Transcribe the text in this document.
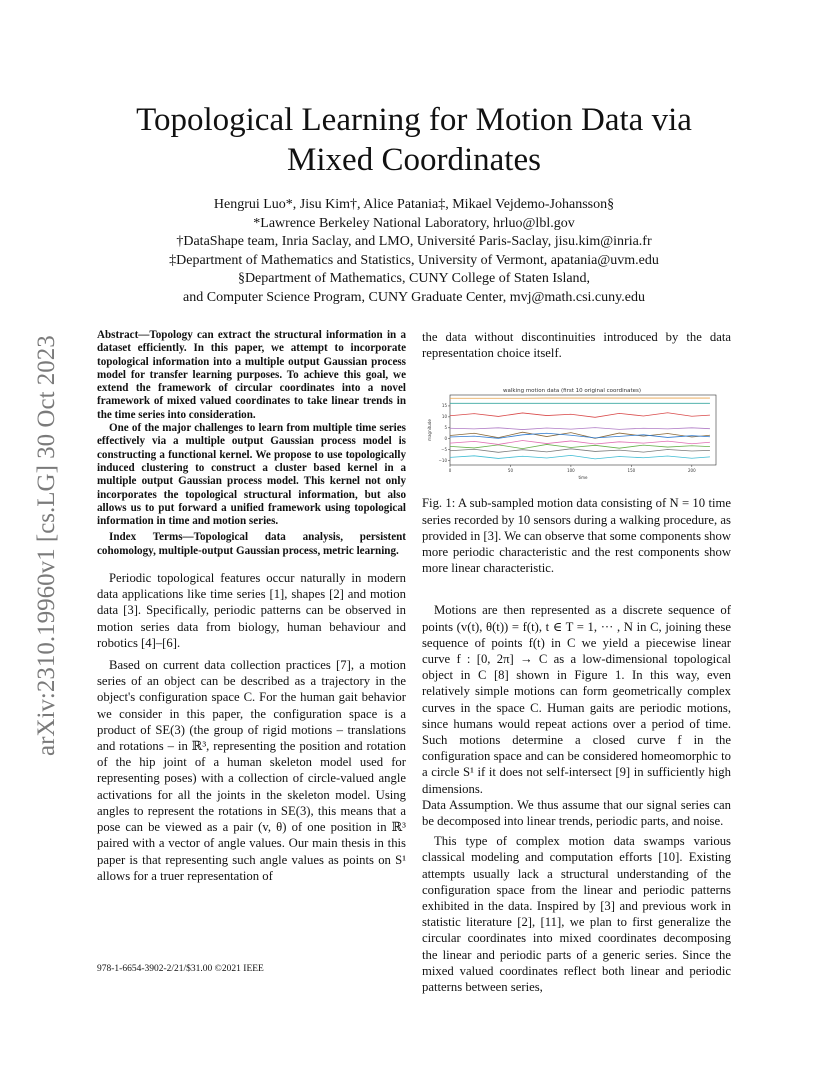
arXiv:2310.19960v1 [cs.LG] 30 Oct 2023
Topological Learning for Motion Data via
Mixed Coordinates
Hengrui Luo*, Jisu Kim†, Alice Patania‡, Mikael Vejdemo-Johansson§
*Lawrence Berkeley National Laboratory, hrluo@lbl.gov
†DataShape team, Inria Saclay, and LMO, Université Paris-Saclay, jisu.kim@inria.fr
‡Department of Mathematics and Statistics, University of Vermont, apatania@uvm.edu
§Department of Mathematics, CUNY College of Staten Island,
and Computer Science Program, CUNY Graduate Center, mvj@math.csi.cuny.edu

Abstract—Topology can extract the structural information in a dataset efficiently. In this paper, we attempt to incorporate topological information into a multiple output Gaussian process model for transfer learning purposes. To achieve this goal, we extend the framework of circular coordinates into a novel framework of mixed valued coordinates to take linear trends in the time series into consideration.

One of the major challenges to learn from multiple time series effectively via a multiple output Gaussian process model is constructing a functional kernel. We propose to use topologically induced clustering to construct a cluster based kernel in a multiple output Gaussian process model. This kernel not only incorporates the topological structural information, but also allows us to put forward a unified framework using topological information in time and motion series.

Index Terms—Topological data analysis, persistent cohomology, multiple-output Gaussian process, metric learning.

Periodic topological features occur naturally in modern data applications like time series [1], shapes [2] and motion data [3]. Specifically, periodic patterns can be observed in motion series data from biology, human behaviour and robotics [4]–[6].

Based on current data collection practices [7], a motion series of an object can be described as a trajectory in the object's configuration space C. For the human gait behavior we consider in this paper, the configuration space is a product of SE(3) (the group of rigid motions – translations and rotations – in ℝ³, representing the position and rotation of the hip joint of a human skeleton model used for representing poses) with a collection of circle-valued angle activations for all the joints in the skeleton model. Using angles to represent the rotations in SE(3), this means that a pose can be viewed as a pair (v, θ) of one position in ℝ³ paired with a vector of angle values. Our main thesis in this paper is that representing such angle values as points on S¹ allows for a truer representation of

978-1-6654-3902-2/21/$31.00 ©2021 IEEE

the data without discontinuities introduced by the data representation choice itself.

walking motion data (first 10 original coordinates)
0	50	100	150	200
−10
−5
0
5
10
15
time
magnitude

Fig. 1: A sub-sampled motion data consisting of N = 10 time series recorded by 10 sensors during a walking procedure, as provided in [3]. We can observe that some components show more periodic characteristic and the rest components show more linear characteristic.

Motions are then represented as a discrete sequence of points (v(t), θ(t)) = f(t), t ∈ T = 1, ··· , N in C, joining these sequence of points f(t) in C we yield a piecewise linear curve f : [0, 2π] → C as a low-dimensional topological object in C [8] shown in Figure 1. In this way, even relatively simple motions can form geometrically complex curves in the space C. Human gaits are periodic motions, since humans would repeat actions over a period of time. Such motions determine a closed curve f in the configuration space and can be considered homeomorphic to a circle S¹ if it does not self-intersect [9] in sufficiently high dimensions.

Data Assumption. We thus assume that our signal series can be decomposed into linear trends, periodic parts, and noise.

This type of complex motion data swamps various classical modeling and computation efforts [10]. Existing attempts usually lack a structural understanding of the configuration space from the linear and periodic patterns exhibited in the data. Inspired by [3] and previous work in statistic literature [2], [11], we plan to first generalize the circular coordinates into mixed coordinates decomposing the linear and periodic parts of a generic series. Since the mixed valued coordinates reflect both linear and periodic patterns between series,
